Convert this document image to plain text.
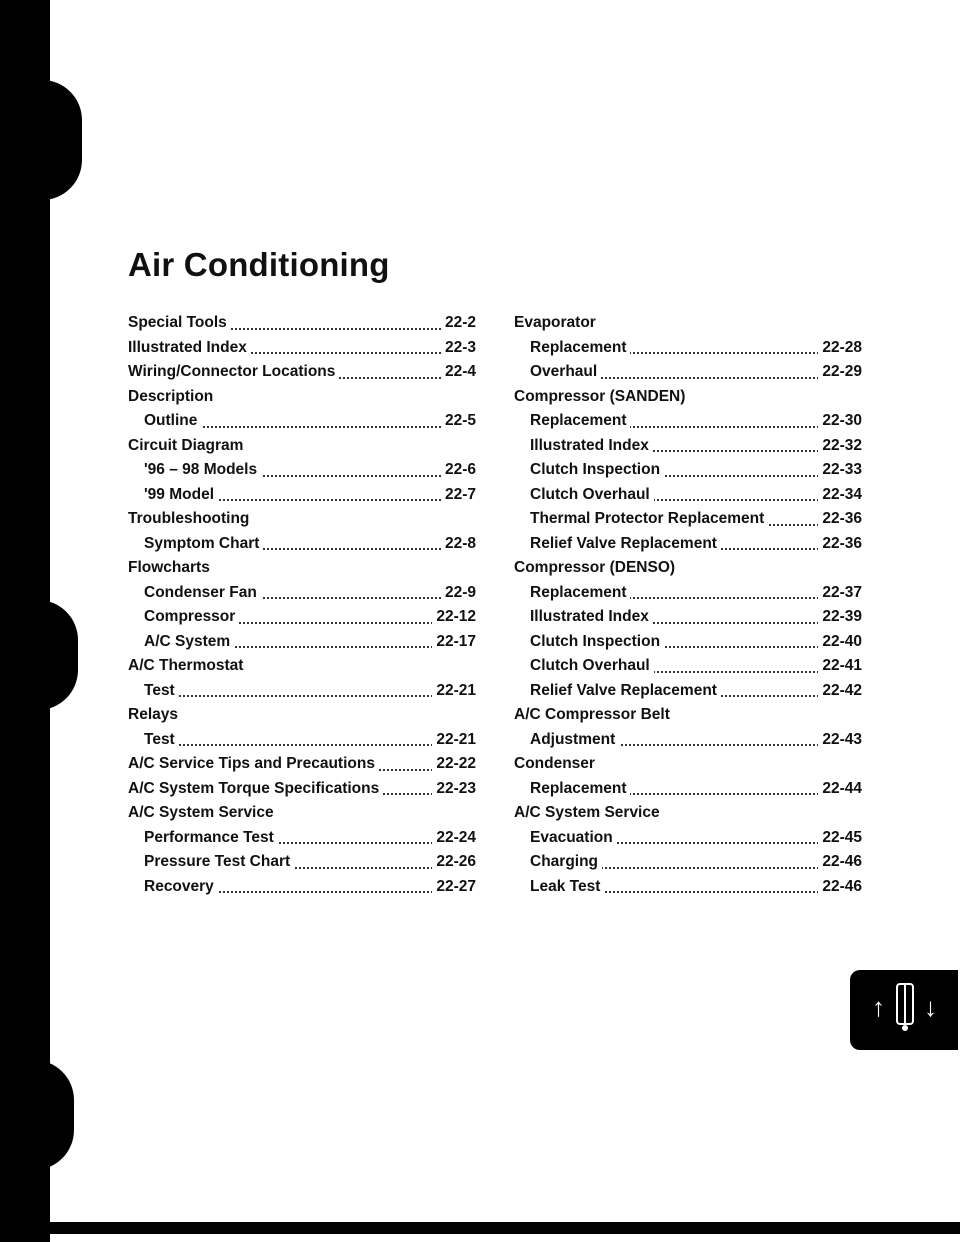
Air Conditioning
Special Tools	22-2
Illustrated Index	22-3
Wiring/Connector Locations	22-4
Description
Outline	22-5
Circuit Diagram
'96 – 98 Models	22-6
'99 Model	22-7
Troubleshooting
Symptom Chart	22-8
Flowcharts
Condenser Fan	22-9
Compressor	22-12
A/C System	22-17
A/C Thermostat
Test	22-21
Relays
Test	22-21
A/C Service Tips and Precautions	22-22
A/C System Torque Specifications	22-23
A/C System Service
Performance Test	22-24
Pressure Test Chart	22-26
Recovery	22-27
Evaporator
Replacement	22-28
Overhaul	22-29
Compressor (SANDEN)
Replacement	22-30
Illustrated Index	22-32
Clutch Inspection	22-33
Clutch Overhaul	22-34
Thermal Protector Replacement	22-36
Relief Valve Replacement	22-36
Compressor (DENSO)
Replacement	22-37
Illustrated Index	22-39
Clutch Inspection	22-40
Clutch Overhaul	22-41
Relief Valve Replacement	22-42
A/C Compressor Belt
Adjustment	22-43
Condenser
Replacement	22-44
A/C System Service
Evacuation	22-45
Charging	22-46
Leak Test	22-46
↑ ↓
